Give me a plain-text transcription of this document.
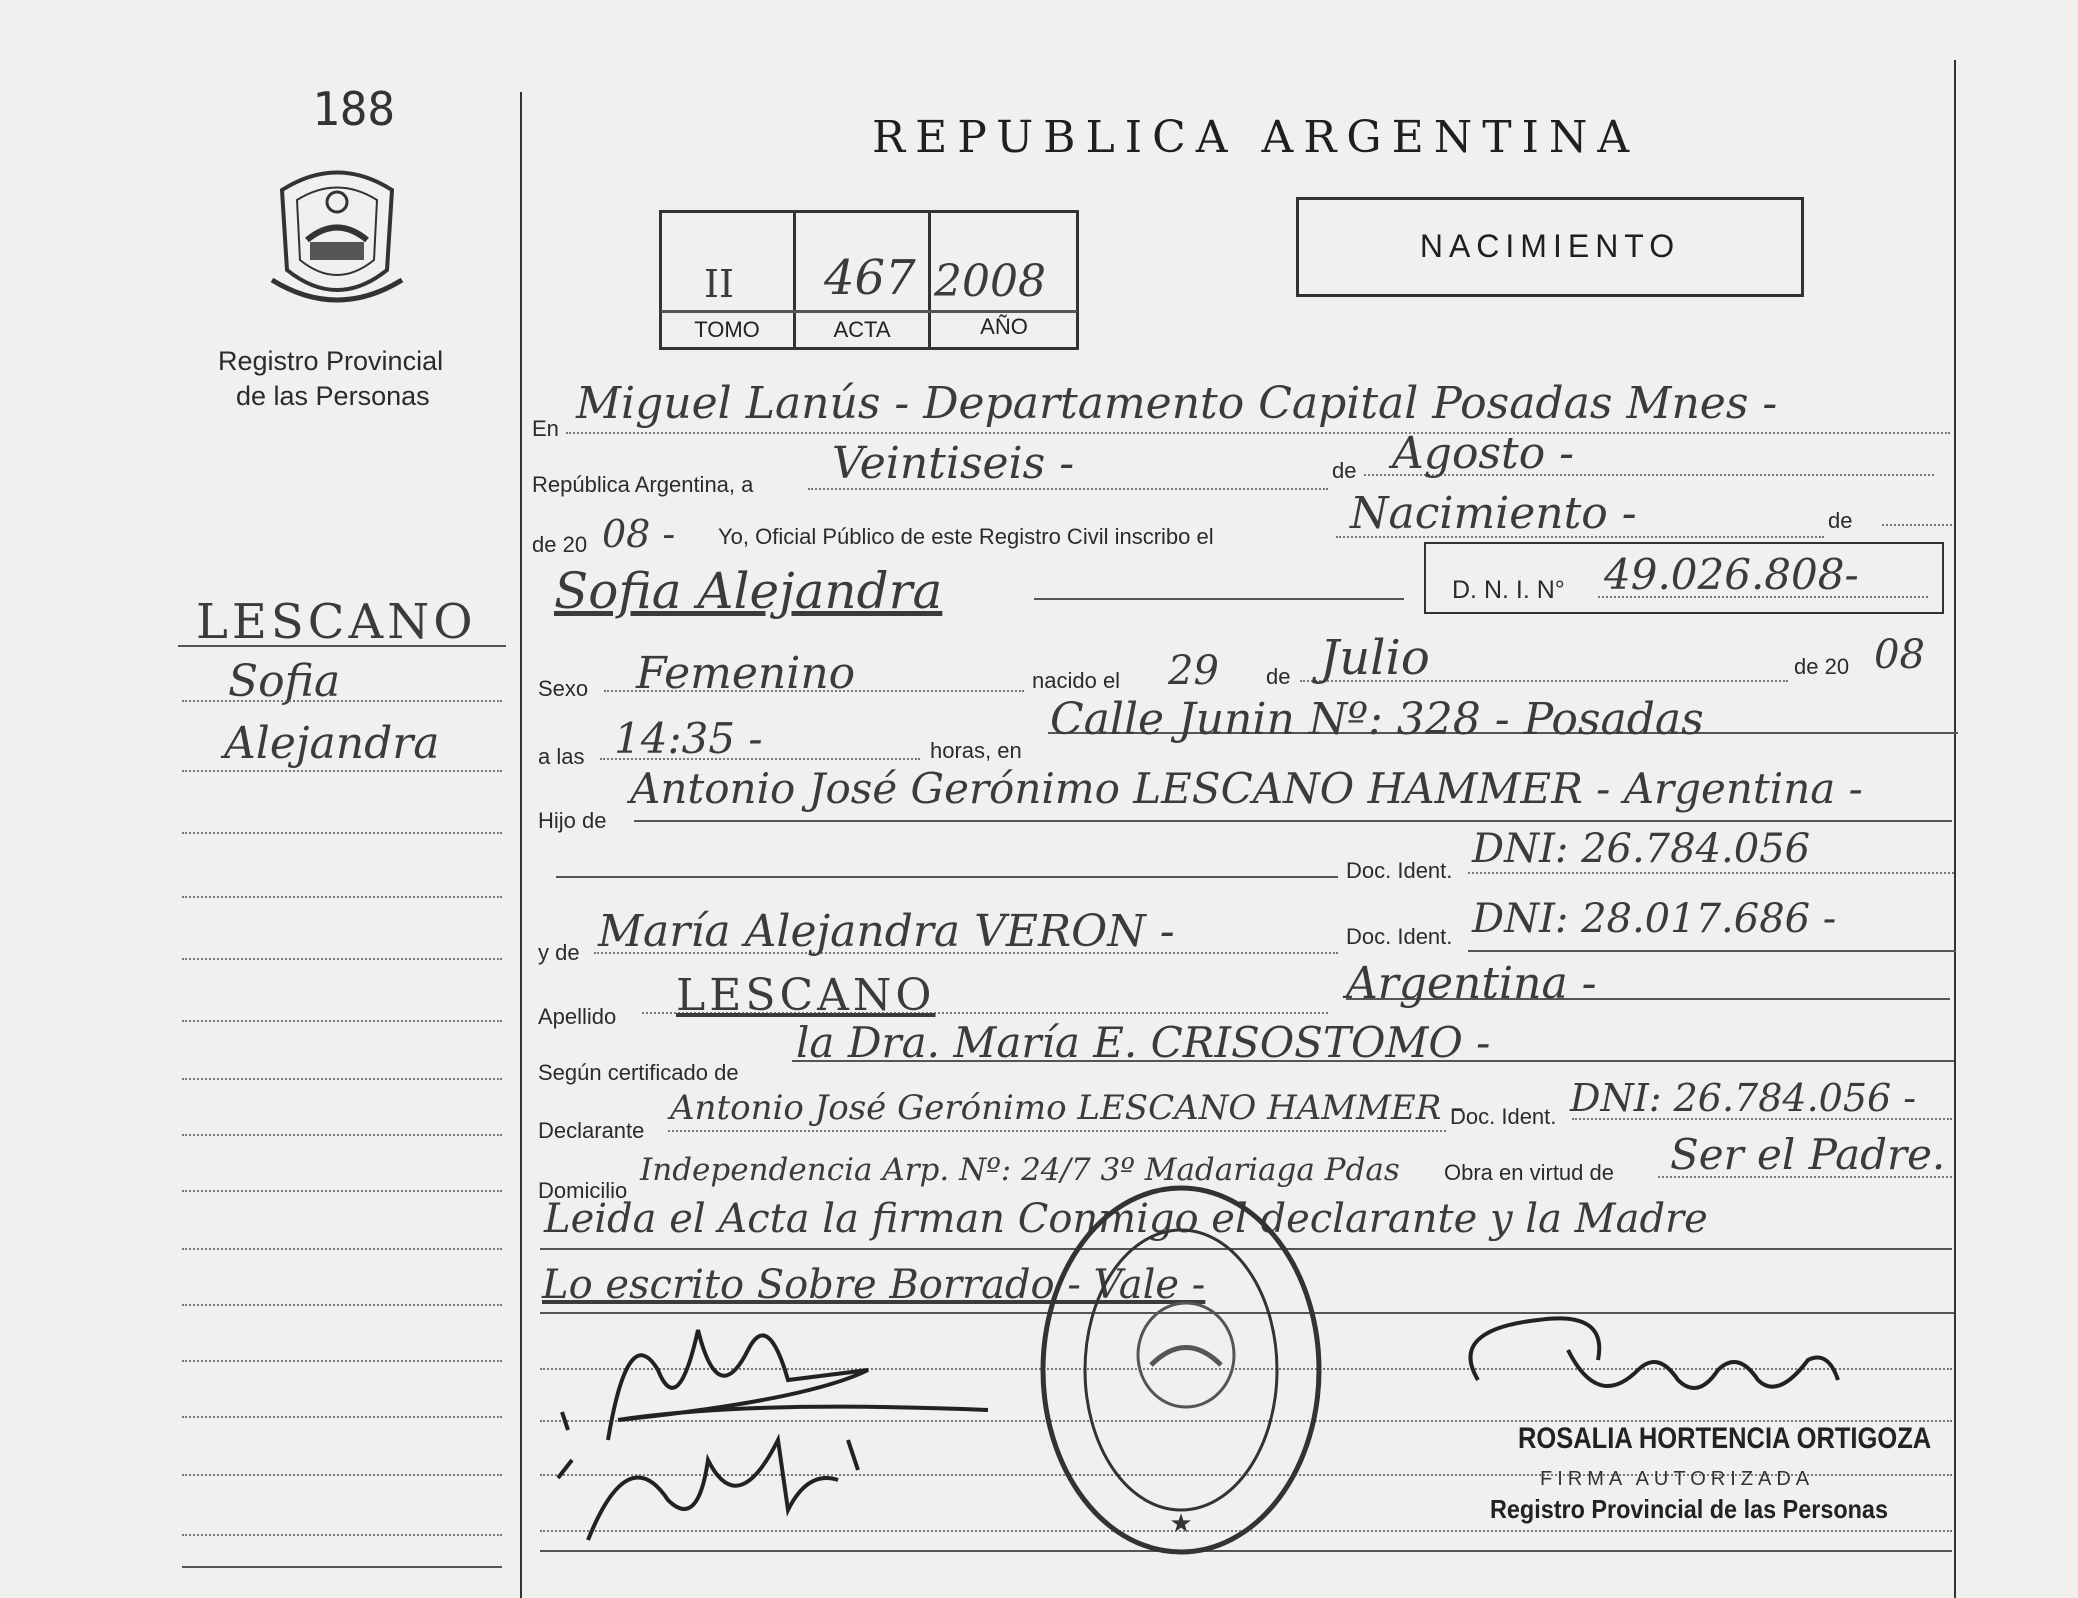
188
Registro Provincial
de las Personas
LESCANO
Sofia
Alejandra
REPUBLICA ARGENTINA
II 467 2008
TOMO	ACTA	AÑO
NACIMIENTO
En Miguel Lanús - Departamento Capital Posadas Mnes -
República Argentina, a Veintiseis -	de Agosto -
de 20 08 - Yo, Oficial Público de este Registro Civil inscribo el	Nacimiento -	de
Sofia Alejandra	D. N. I. N° 49.026.808-
Sexo Femenino	nacido el 29 de Julio	de 20 08
a las 14:35 -	horas, en
Calle Junin Nº: 328 - Posadas
Hijo de
Antonio José Gerónimo LESCANO HAMMER - Argentina -
Doc. Ident. DNI: 26.784.056
y de María Alejandra VERON -	Doc. Ident. DNI: 28.017.686 -
Apellido LESCANO	Argentina -
Según certificado de
la Dra. María E. CRISOSTOMO -
Declarante
Antonio José Gerónimo LESCANO HAMMER -
Doc. Ident. DNI: 26.784.056 -
Domicilio
Independencia Arp. Nº: 24/7 3º Madariaga Pdas Obra en virtud de Ser el Padre.
Leida el Acta la firman Conmigo el declarante y la Madre
Lo escrito Sobre Borrado - Vale -
★
ROSALIA HORTENCIA ORTIGOZA
FIRMA AUTORIZADA
Registro Provincial de las Personas
